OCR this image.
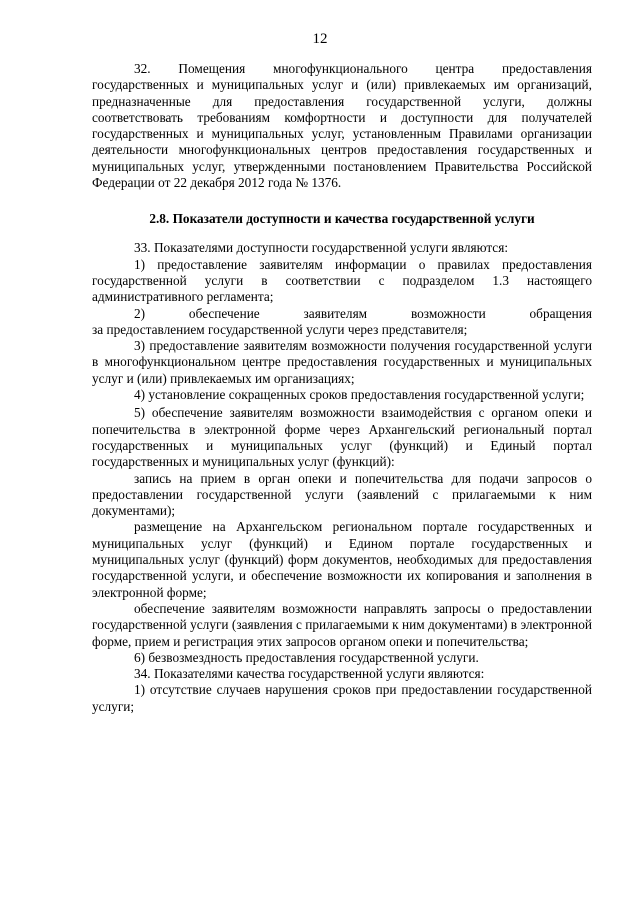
12

32. Помещения многофункционального центра предоставления государственных и муниципальных услуг и (или) привлекаемых им организаций, предназначенные для предоставления государственной услуги, должны соответствовать требованиям комфортности и доступности для получателей государственных и муниципальных услуг, установленным Правилами организации деятельности многофункциональных центров предоставления государственных и муниципальных услуг, утвержденными постановлением Правительства Российской Федерации от 22 декабря 2012 года № 1376.

2.8. Показатели доступности и качества государственной услуги

33. Показателями доступности государственной услуги являются:

1) предоставление заявителям информации о правилах предоставления государственной услуги в соответствии с подразделом 1.3 настоящего административного регламента;

2) обеспечение заявителям возможности обращения

за предоставлением государственной услуги через представителя;

3) предоставление заявителям возможности получения государственной услуги в многофункциональном центре предоставления государственных и муниципальных услуг и (или) привлекаемых им организациях;

4) установление сокращенных сроков предоставления государственной услуги;

5) обеспечение заявителям возможности взаимодействия с органом опеки и попечительства в электронной форме через Архангельский региональный портал государственных и муниципальных услуг (функций) и Единый портал государственных и муниципальных услуг (функций):

запись на прием в орган опеки и попечительства для подачи запросов о предоставлении государственной услуги (заявлений с прилагаемыми к ним документами);

размещение на Архангельском региональном портале государственных и муниципальных услуг (функций) и Едином портале государственных и муниципальных услуг (функций) форм документов, необходимых для предоставления государственной услуги, и обеспечение возможности их копирования и заполнения в электронной форме;

обеспечение заявителям возможности направлять запросы о предоставлении государственной услуги (заявления с прилагаемыми к ним документами) в электронной форме, прием и регистрация этих запросов органом опеки и попечительства;

6) безвозмездность предоставления государственной услуги.

34. Показателями качества государственной услуги являются:

1) отсутствие случаев нарушения сроков при предоставлении государственной услуги;
